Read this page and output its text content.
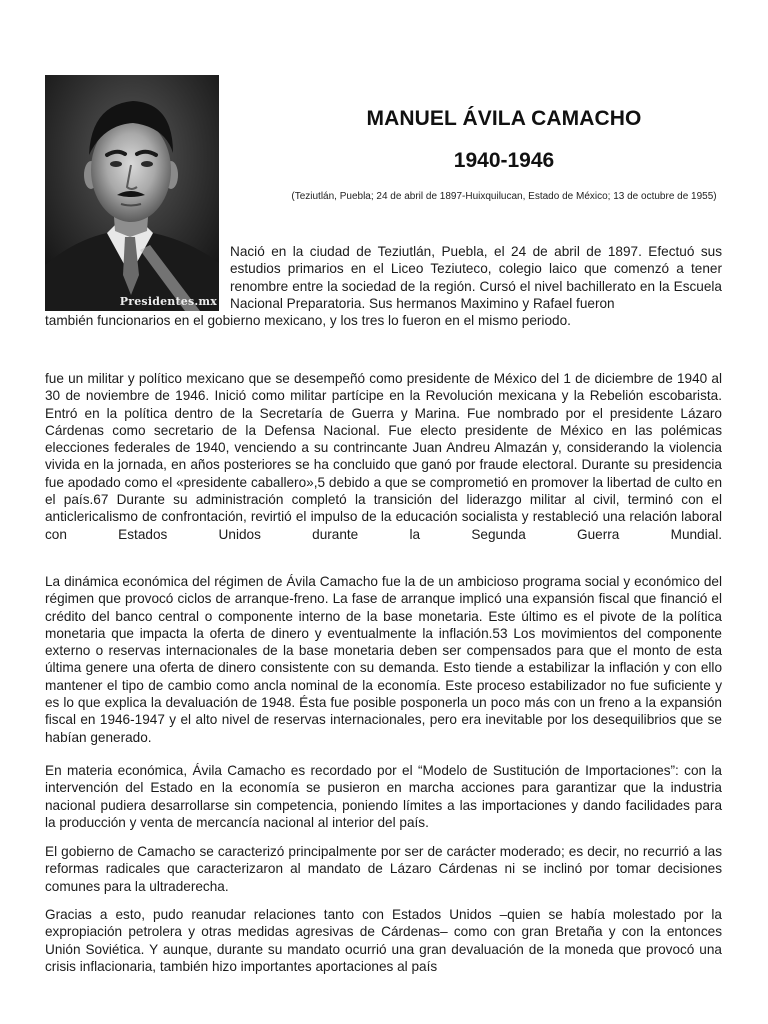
Presidentes.mx
MANUEL ÁVILA CAMACHO
1940-1946
(Teziutlán, Puebla; 24 de abril de 1897-Huixquilucan, Estado de México; 13 de octubre de 1955)

Nació en la ciudad de Teziutlán, Puebla, el 24 de abril de 1897. Efectuó sus estudios primarios en el Liceo Teziuteco, colegio laico que comenzó a tener renombre entre la sociedad de la región. Cursó el nivel bachillerato en la Escuela Nacional Preparatoria. Sus hermanos Maximino y Rafael fueron

también funcionarios en el gobierno mexicano, y los tres lo fueron en el mismo periodo.

fue un militar y político mexicano que se desempeñó como presidente de México del 1 de diciembre de 1940 al 30 de noviembre de 1946. Inició como militar partícipe en la Revolución mexicana y la Rebelión escobarista. Entró en la política dentro de la Secretaría de Guerra y Marina. Fue nombrado por el presidente Lázaro Cárdenas como secretario de la Defensa Nacional. Fue electo presidente de México en las polémicas elecciones federales de 1940, venciendo a su contrincante Juan Andreu Almazán y, considerando la violencia vivida en la jornada, en años posteriores se ha concluido que ganó por fraude electoral. Durante su presidencia fue apodado como el «presidente caballero»,5 debido a que se comprometió en promover la libertad de culto en el país.67 Durante su administración completó la transición del liderazgo militar al civil, terminó con el anticlericalismo de confrontación, revirtió el impulso de la educación socialista y restableció una relación laboral con Estados Unidos durante la Segunda Guerra Mundial.

La dinámica económica del régimen de Ávila Camacho fue la de un ambicioso programa social y económico del régimen que provocó ciclos de arranque-freno. La fase de arranque implicó una expansión fiscal que financió el crédito del banco central o componente interno de la base monetaria. Este último es el pivote de la política monetaria que impacta la oferta de dinero y eventualmente la inflación.53 Los movimientos del componente externo o reservas internacionales de la base monetaria deben ser compensados para que el monto de esta última genere una oferta de dinero consistente con su demanda. Esto tiende a estabilizar la inflación y con ello mantener el tipo de cambio como ancla nominal de la economía. Este proceso estabilizador no fue suficiente y es lo que explica la devaluación de 1948. Ésta fue posible posponerla un poco más con un freno a la expansión fiscal en 1946-1947 y el alto nivel de reservas internacionales, pero era inevitable por los desequilibrios que se habían generado.

En materia económica, Ávila Camacho es recordado por el “Modelo de Sustitución de Importaciones”: con la intervención del Estado en la economía se pusieron en marcha acciones para garantizar que la industria nacional pudiera desarrollarse sin competencia, poniendo límites a las importaciones y dando facilidades para la producción y venta de mercancía nacional al interior del país.

El gobierno de Camacho se caracterizó principalmente por ser de carácter moderado; es decir, no recurrió a las reformas radicales que caracterizaron al mandato de Lázaro Cárdenas ni se inclinó por tomar decisiones comunes para la ultraderecha.

Gracias a esto, pudo reanudar relaciones tanto con Estados Unidos –quien se había molestado por la expropiación petrolera y otras medidas agresivas de Cárdenas– como con gran Bretaña y con la entonces Unión Soviética. Y aunque, durante su mandato ocurrió una gran devaluación de la moneda que provocó una crisis inflacionaria, también hizo importantes aportaciones al país
